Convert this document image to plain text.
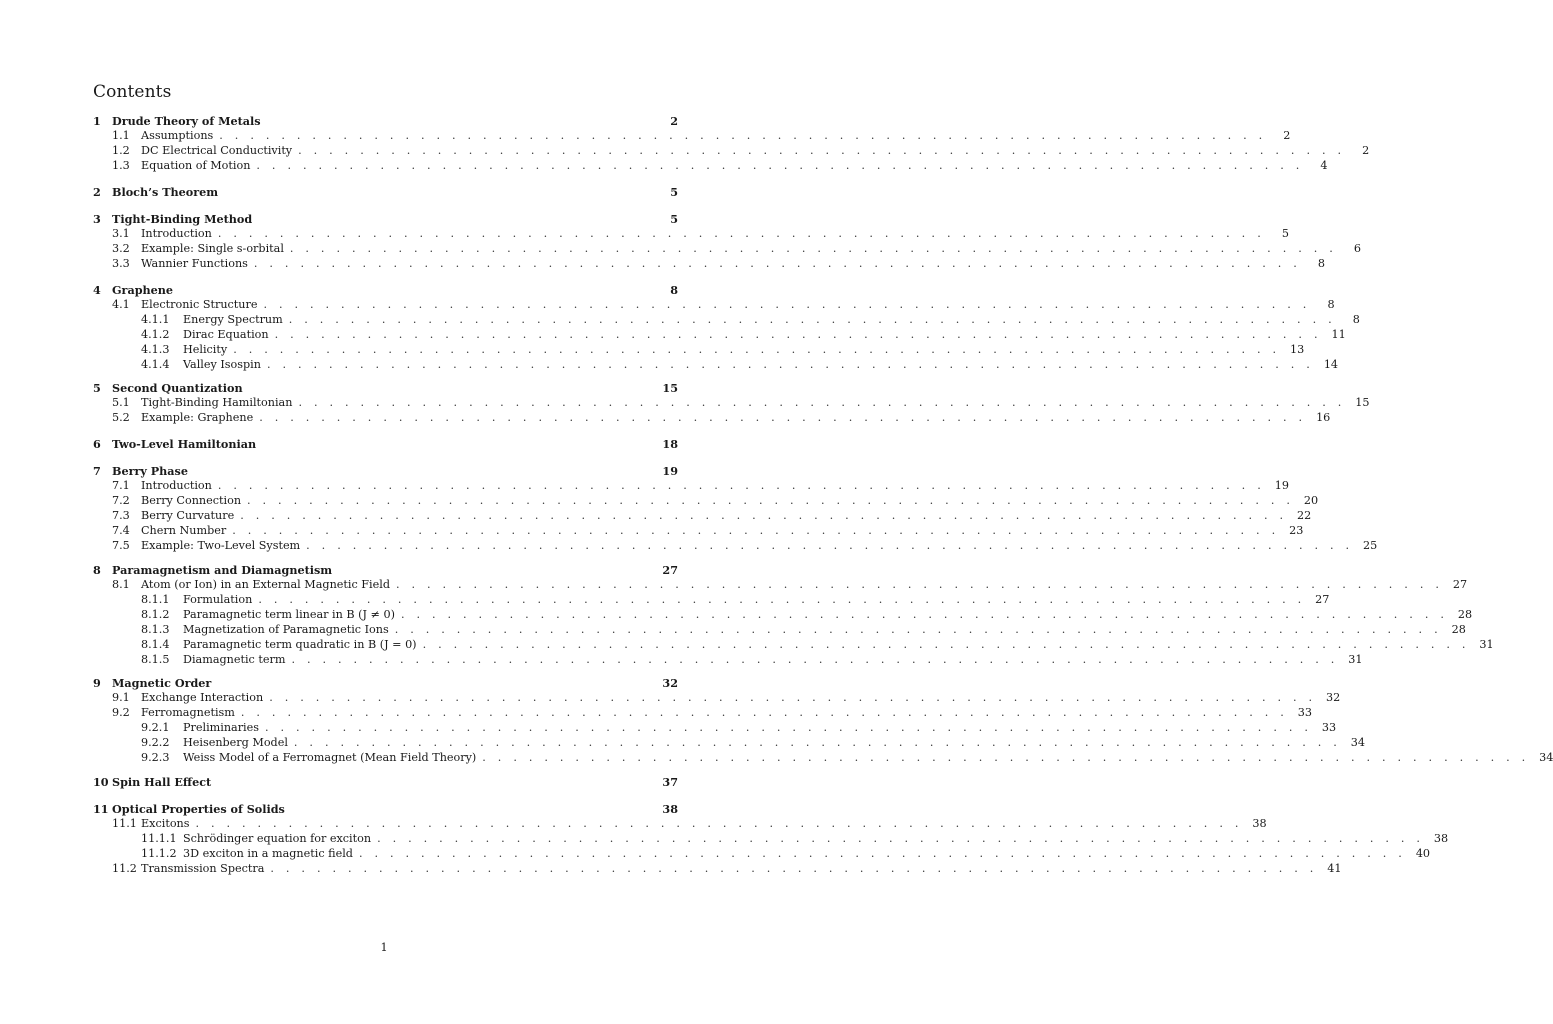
Contents
1	Drude Theory of Metals	2
1.1	Assumptions . . . . . . . . . . . . . . . . . . . . . . . . . . . . . . . . . . . . . . . . . . . . . . . . . . . . . . . . . . . . . . . . . . . .	2
1.2	DC Electrical Conductivity . . . . . . . . . . . . . . . . . . . . . . . . . . . . . . . . . . . . . . . . . . . . . . . . . . . . . . . . . . . . . . . . . . . .	2
1.3	Equation of Motion . . . . . . . . . . . . . . . . . . . . . . . . . . . . . . . . . . . . . . . . . . . . . . . . . . . . . . . . . . . . . . . . . . . .	4
2	Bloch’s Theorem	5
3	Tight-Binding Method	5
3.1	Introduction . . . . . . . . . . . . . . . . . . . . . . . . . . . . . . . . . . . . . . . . . . . . . . . . . . . . . . . . . . . . . . . . . . . .	5
3.2	Example: Single s-orbital . . . . . . . . . . . . . . . . . . . . . . . . . . . . . . . . . . . . . . . . . . . . . . . . . . . . . . . . . . . . . . . . . . . .	6
3.3	Wannier Functions . . . . . . . . . . . . . . . . . . . . . . . . . . . . . . . . . . . . . . . . . . . . . . . . . . . . . . . . . . . . . . . . . . . .	8
4	Graphene	8
4.1	Electronic Structure . . . . . . . . . . . . . . . . . . . . . . . . . . . . . . . . . . . . . . . . . . . . . . . . . . . . . . . . . . . . . . . . . . . .	8
4.1.1	Energy Spectrum . . . . . . . . . . . . . . . . . . . . . . . . . . . . . . . . . . . . . . . . . . . . . . . . . . . . . . . . . . . . . . . . . . . .	8
4.1.2	Dirac Equation . . . . . . . . . . . . . . . . . . . . . . . . . . . . . . . . . . . . . . . . . . . . . . . . . . . . . . . . . . . . . . . . . . . . 11
4.1.3	Helicity . . . . . . . . . . . . . . . . . . . . . . . . . . . . . . . . . . . . . . . . . . . . . . . . . . . . . . . . . . . . . . . . . . . . 13
4.1.4	Valley Isospin . . . . . . . . . . . . . . . . . . . . . . . . . . . . . . . . . . . . . . . . . . . . . . . . . . . . . . . . . . . . . . . . . . . . 14
5	Second Quantization	15
5.1	Tight-Binding Hamiltonian . . . . . . . . . . . . . . . . . . . . . . . . . . . . . . . . . . . . . . . . . . . . . . . . . . . . . . . . . . . . . . . . . . . . 15
5.2	Example: Graphene . . . . . . . . . . . . . . . . . . . . . . . . . . . . . . . . . . . . . . . . . . . . . . . . . . . . . . . . . . . . . . . . . . . . 16
6	Two-Level Hamiltonian	18
7	Berry Phase	19
7.1	Introduction . . . . . . . . . . . . . . . . . . . . . . . . . . . . . . . . . . . . . . . . . . . . . . . . . . . . . . . . . . . . . . . . . . . . 19
7.2	Berry Connection . . . . . . . . . . . . . . . . . . . . . . . . . . . . . . . . . . . . . . . . . . . . . . . . . . . . . . . . . . . . . . . . . . . . 20
7.3	Berry Curvature . . . . . . . . . . . . . . . . . . . . . . . . . . . . . . . . . . . . . . . . . . . . . . . . . . . . . . . . . . . . . . . . . . . . 22
7.4	Chern Number . . . . . . . . . . . . . . . . . . . . . . . . . . . . . . . . . . . . . . . . . . . . . . . . . . . . . . . . . . . . . . . . . . . . 23
7.5	Example: Two-Level System . . . . . . . . . . . . . . . . . . . . . . . . . . . . . . . . . . . . . . . . . . . . . . . . . . . . . . . . . . . . . . . . . . . . 25
8	Paramagnetism and Diamagnetism	27
8.1	Atom (or Ion) in an External Magnetic Field . . . . . . . . . . . . . . . . . . . . . . . . . . . . . . . . . . . . . . . . . . . . . . . . . . . . . . . . . . . . . . . . . . . . 27
8.1.1	Formulation . . . . . . . . . . . . . . . . . . . . . . . . . . . . . . . . . . . . . . . . . . . . . . . . . . . . . . . . . . . . . . . . . . . . 27
8.1.2	Paramagnetic term linear in B (J ≠ 0) . . . . . . . . . . . . . . . . . . . . . . . . . . . . . . . . . . . . . . . . . . . . . . . . . . . . . . . . . . . . . . . . . . . . 28
8.1.3	Magnetization of Paramagnetic Ions . . . . . . . . . . . . . . . . . . . . . . . . . . . . . . . . . . . . . . . . . . . . . . . . . . . . . . . . . . . . . . . . . . . . 28
8.1.4	Paramagnetic term quadratic in B (J = 0) . . . . . . . . . . . . . . . . . . . . . . . . . . . . . . . . . . . . . . . . . . . . . . . . . . . . . . . . . . . . . . . . . . . . 31
8.1.5	Diamagnetic term . . . . . . . . . . . . . . . . . . . . . . . . . . . . . . . . . . . . . . . . . . . . . . . . . . . . . . . . . . . . . . . . . . . . 31
9	Magnetic Order	32
9.1	Exchange Interaction . . . . . . . . . . . . . . . . . . . . . . . . . . . . . . . . . . . . . . . . . . . . . . . . . . . . . . . . . . . . . . . . . . . . 32
9.2	Ferromagnetism . . . . . . . . . . . . . . . . . . . . . . . . . . . . . . . . . . . . . . . . . . . . . . . . . . . . . . . . . . . . . . . . . . . . 33
9.2.1	Preliminaries . . . . . . . . . . . . . . . . . . . . . . . . . . . . . . . . . . . . . . . . . . . . . . . . . . . . . . . . . . . . . . . . . . . . 33
9.2.2	Heisenberg Model . . . . . . . . . . . . . . . . . . . . . . . . . . . . . . . . . . . . . . . . . . . . . . . . . . . . . . . . . . . . . . . . . . . . 34
9.2.3	Weiss Model of a Ferromagnet (Mean Field Theory) . . . . . . . . . . . . . . . . . . . . . . . . . . . . . . . . . . . . . . . . . . . . . . . . . . . . . . . . . . . . . . . . . . . . 34
10 Spin Hall Effect	37
11 Optical Properties of Solids	38
11.1 Excitons . . . . . . . . . . . . . . . . . . . . . . . . . . . . . . . . . . . . . . . . . . . . . . . . . . . . . . . . . . . . . . . . . . . . 38
11.1.1 Schrödinger equation for exciton . . . . . . . . . . . . . . . . . . . . . . . . . . . . . . . . . . . . . . . . . . . . . . . . . . . . . . . . . . . . . . . . . . . . 38
11.1.2 3D exciton in a magnetic field . . . . . . . . . . . . . . . . . . . . . . . . . . . . . . . . . . . . . . . . . . . . . . . . . . . . . . . . . . . . . . . . . . . . 40
11.2 Transmission Spectra . . . . . . . . . . . . . . . . . . . . . . . . . . . . . . . . . . . . . . . . . . . . . . . . . . . . . . . . . . . . . . . . . . . . 41
1
